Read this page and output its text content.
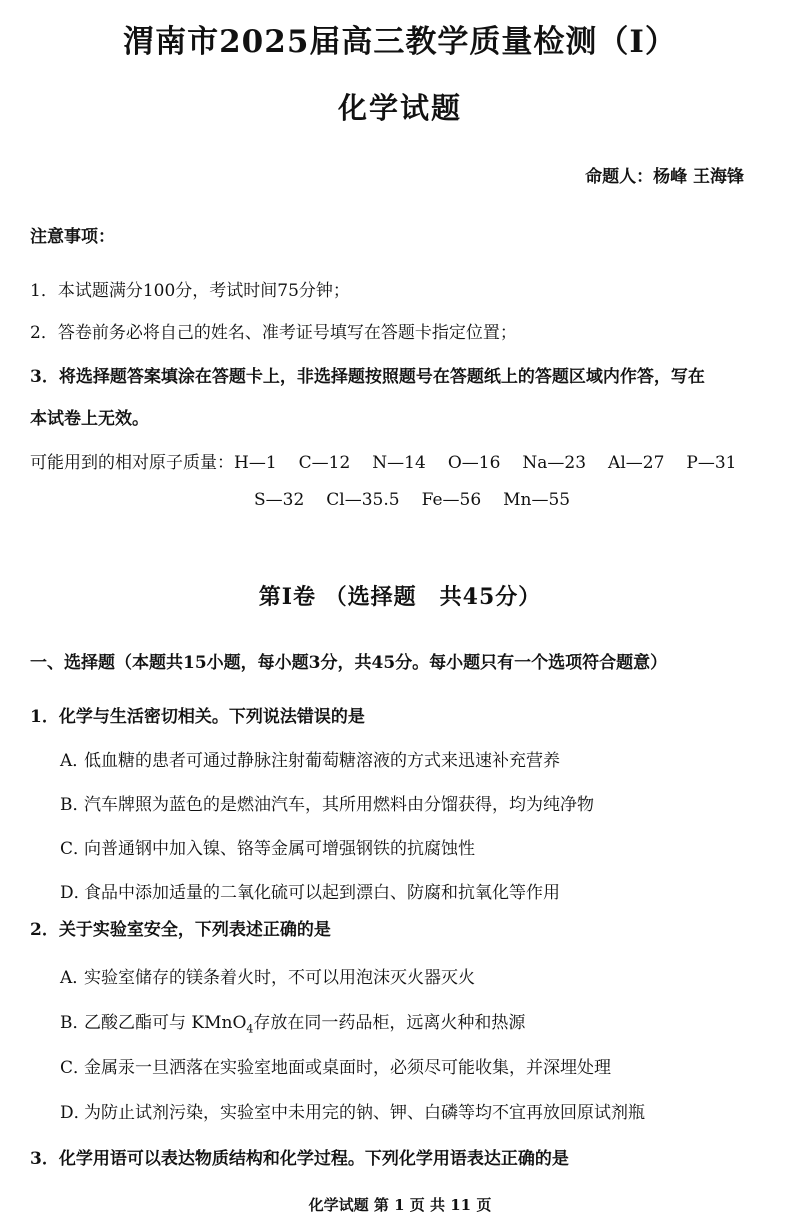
渭南市2025届高三教学质量检测（I）
化学试题
命题人：杨峰 王海锋
注意事项：
1．本试题满分100分，考试时间75分钟；
2．答卷前务必将自己的姓名、准考证号填写在答题卡指定位置；
3．将选择题答案填涂在答题卡上，非选择题按照题号在答题纸上的答题区域内作答，写在
本试卷上无效。
可能用到的相对原子质量：H—1 C—12 N—14 O—16 Na—23 Al—27 P—31
S—32 Cl—35.5 Fe—56 Mn—55
第I卷 （选择题　共45分）
一、选择题（本题共15小题，每小题3分，共45分。每小题只有一个选项符合题意）
1．化学与生活密切相关。下列说法错误的是
A．低血糖的患者可通过静脉注射葡萄糖溶液的方式来迅速补充营养
B．汽车牌照为蓝色的是燃油汽车，其所用燃料由分馏获得，均为纯净物
C．向普通钢中加入镍、铬等金属可增强钢铁的抗腐蚀性
D．食品中添加适量的二氧化硫可以起到漂白、防腐和抗氧化等作用
2．关于实验室安全，下列表述正确的是
A．实验室储存的镁条着火时，不可以用泡沫灭火器灭火
B．乙酸乙酯可与 KMnO$_4$存放在同一药品柜，远离火种和热源
C．金属汞一旦洒落在实验室地面或桌面时，必须尽可能收集，并深埋处理
D．为防止试剂污染，实验室中未用完的钠、钾、白磷等均不宜再放回原试剂瓶
3．化学用语可以表达物质结构和化学过程。下列化学用语表达正确的是
化学试题 第 1 页 共 11 页
